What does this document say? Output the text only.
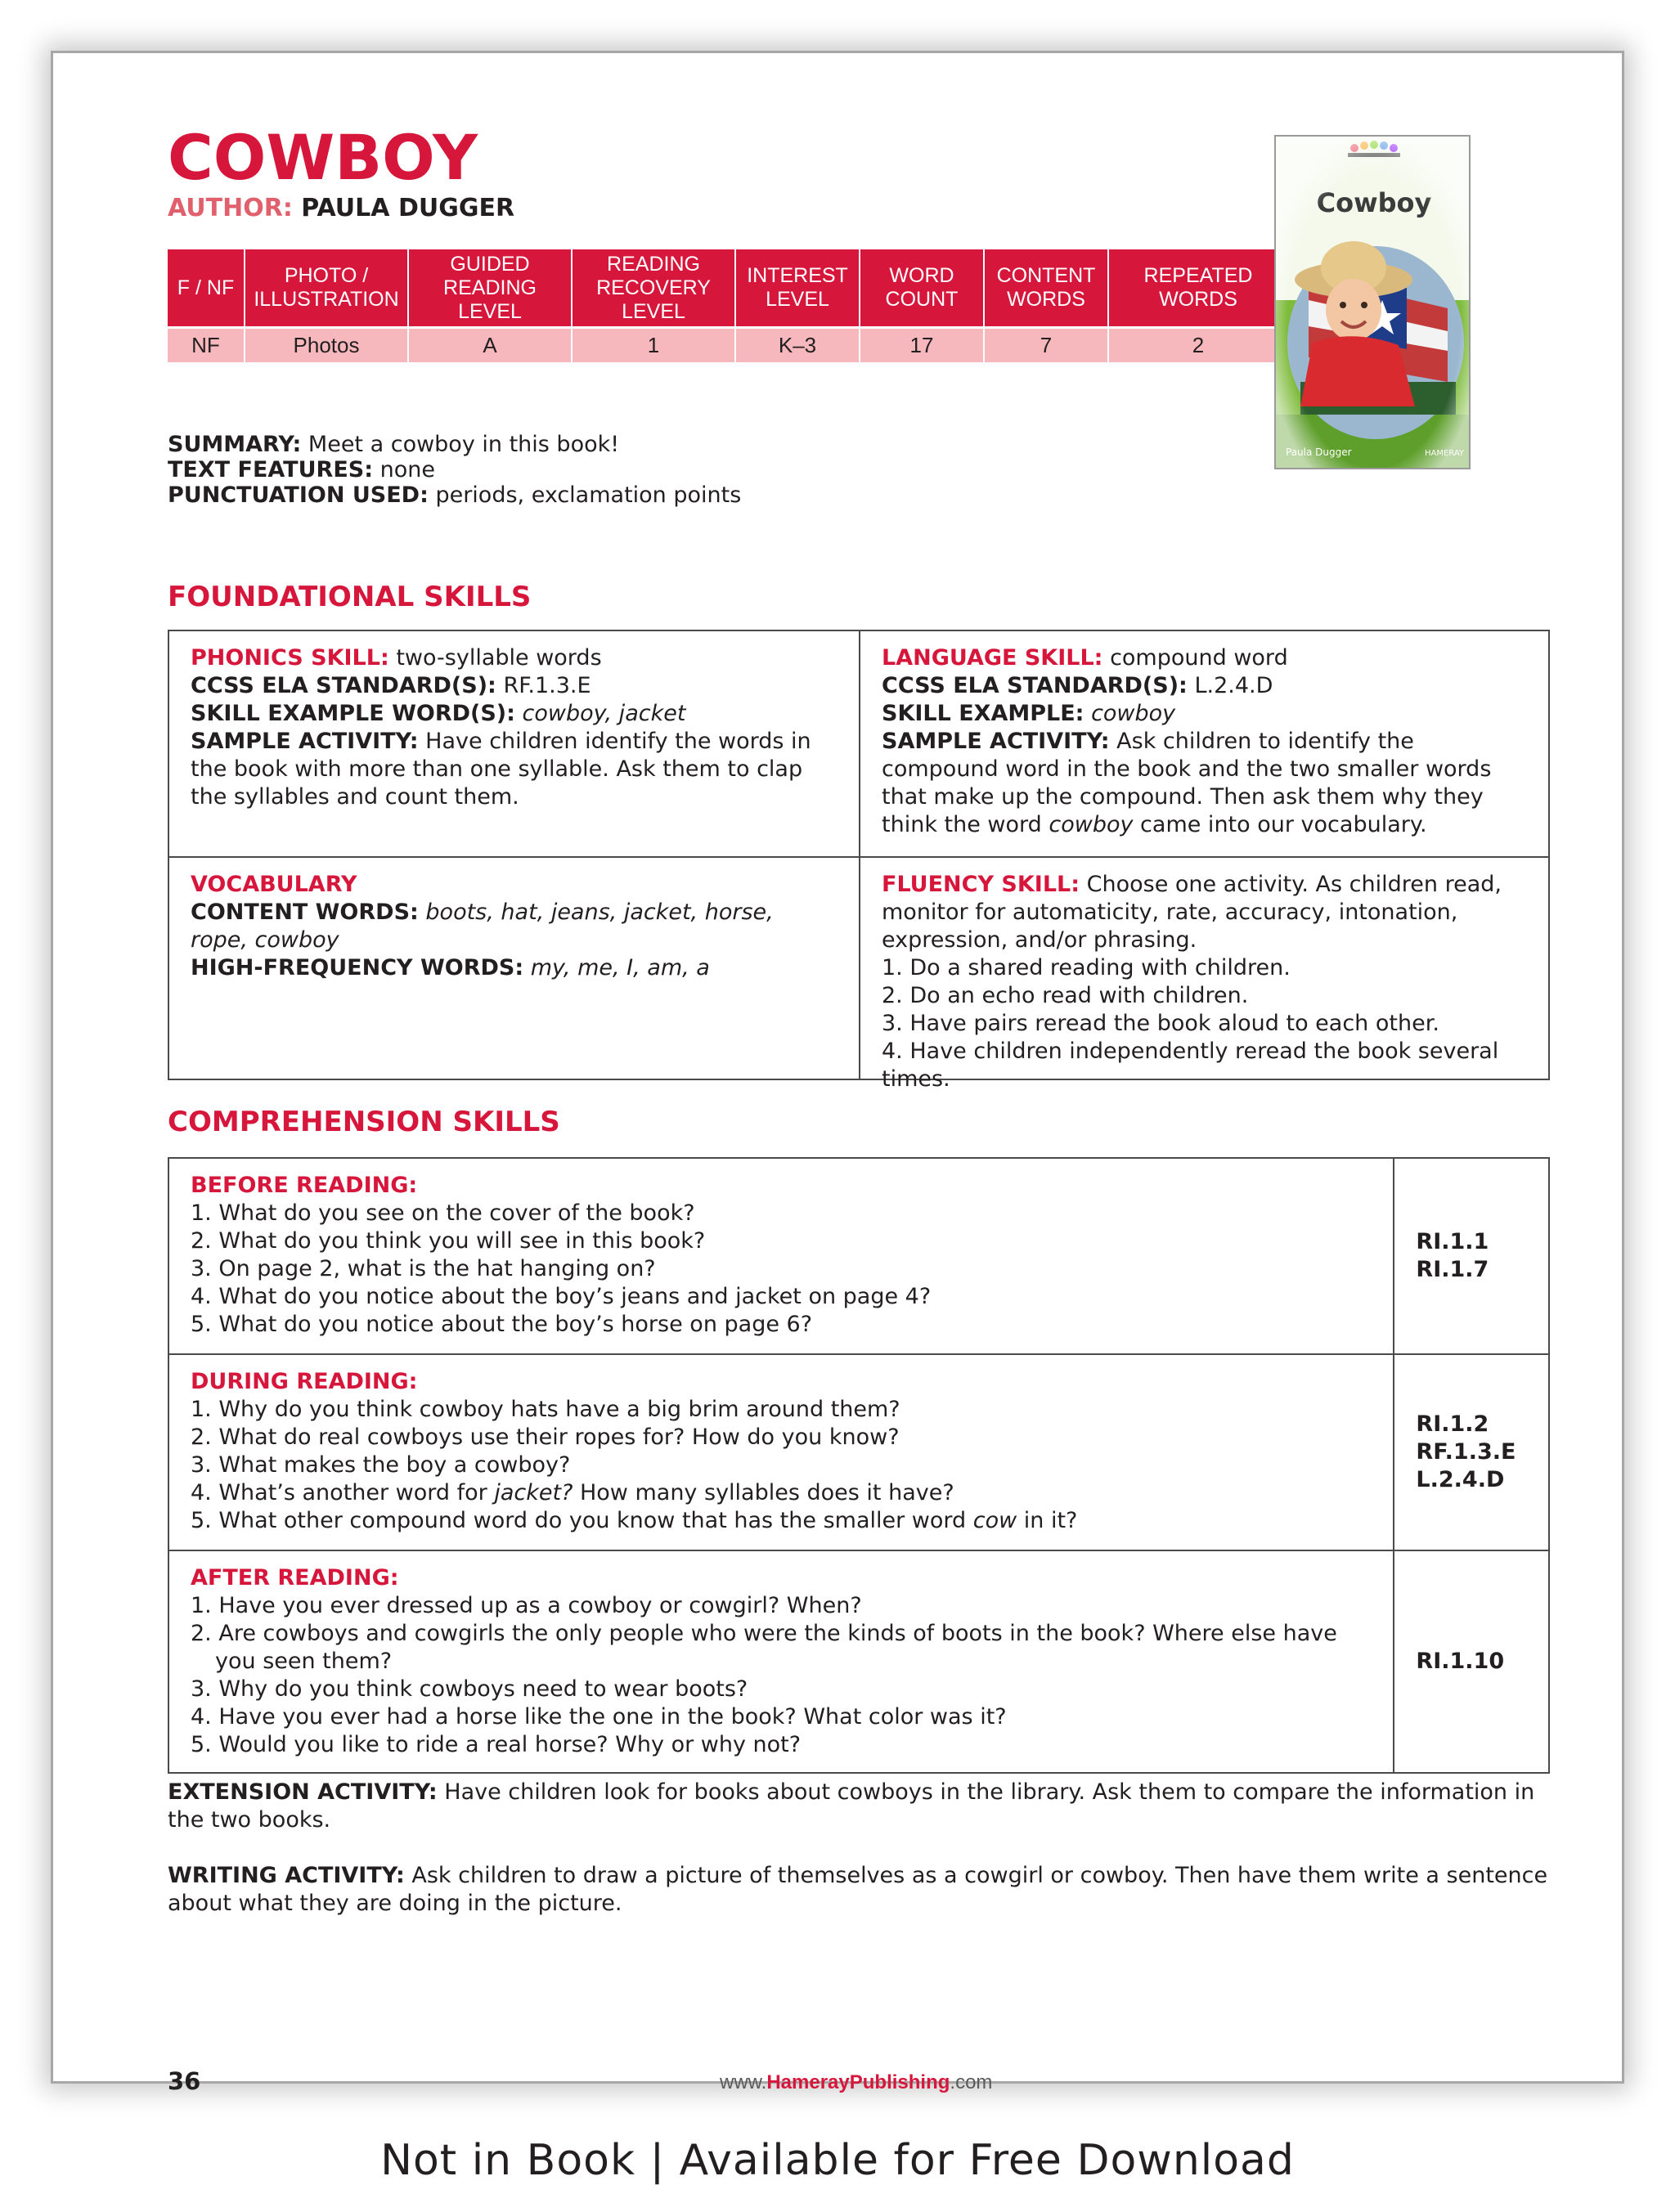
COWBOY
AUTHOR: PAULA DUGGER
F / NF	PHOTO / ILLUSTRATION	GUIDED READING LEVEL	READING RECOVERY LEVEL	INTEREST LEVEL	WORD COUNT	CONTENT WORDS	REPEATED WORDS
NF	Photos	A	1	K–3	17	7	2
SUMMARY: Meet a cowboy in this book!
TEXT FEATURES: none
PUNCTUATION USED: periods, exclamation points
FOUNDATIONAL SKILLS
PHONICS SKILL: two-syllable words
CCSS ELA STANDARD(S): RF.1.3.E
SKILL EXAMPLE WORD(S): cowboy, jacket
SAMPLE ACTIVITY: Have children identify the words in the book with more than one syllable. Ask them to clap the syllables and count them.
LANGUAGE SKILL: compound word
CCSS ELA STANDARD(S): L.2.4.D
SKILL EXAMPLE: cowboy
SAMPLE ACTIVITY: Ask children to identify the compound word in the book and the two smaller words that make up the compound. Then ask them why they think the word cowboy came into our vocabulary.
VOCABULARY
CONTENT WORDS: boots, hat, jeans, jacket, horse, rope, cowboy
HIGH-FREQUENCY WORDS: my, me, I, am, a
FLUENCY SKILL: Choose one activity. As children read, monitor for automaticity, rate, accuracy, intonation, expression, and/or phrasing.
1. Do a shared reading with children.
2. Do an echo read with children.
3. Have pairs reread the book aloud to each other.
4. Have children independently reread the book several times.
COMPREHENSION SKILLS
BEFORE READING:
1. What do you see on the cover of the book?
2. What do you think you will see in this book?
3. On page 2, what is the hat hanging on?
4. What do you notice about the boy’s jeans and jacket on page 4?
5. What do you notice about the boy’s horse on page 6?
RI.1.1
RI.1.7
DURING READING:
1. Why do you think cowboy hats have a big brim around them?
2. What do real cowboys use their ropes for? How do you know?
3. What makes the boy a cowboy?
4. What’s another word for jacket? How many syllables does it have?
5. What other compound word do you know that has the smaller word cow in it?
RI.1.2
RF.1.3.E
L.2.4.D
AFTER READING:
1. Have you ever dressed up as a cowboy or cowgirl? When?
2. Are cowboys and cowgirls the only people who were the kinds of boots in the book? Where else have you seen them?
3. Why do you think cowboys need to wear boots?
4. Have you ever had a horse like the one in the book? What color was it?
5. Would you like to ride a real horse? Why or why not?
RI.1.10
EXTENSION ACTIVITY: Have children look for books about cowboys in the library. Ask them to compare the information in the two books.
WRITING ACTIVITY: Ask children to draw a picture of themselves as a cowgirl or cowboy. Then have them write a sentence about what they are doing in the picture.
36	www.HamerayPublishing.com
Not in Book | Available for Free Download
